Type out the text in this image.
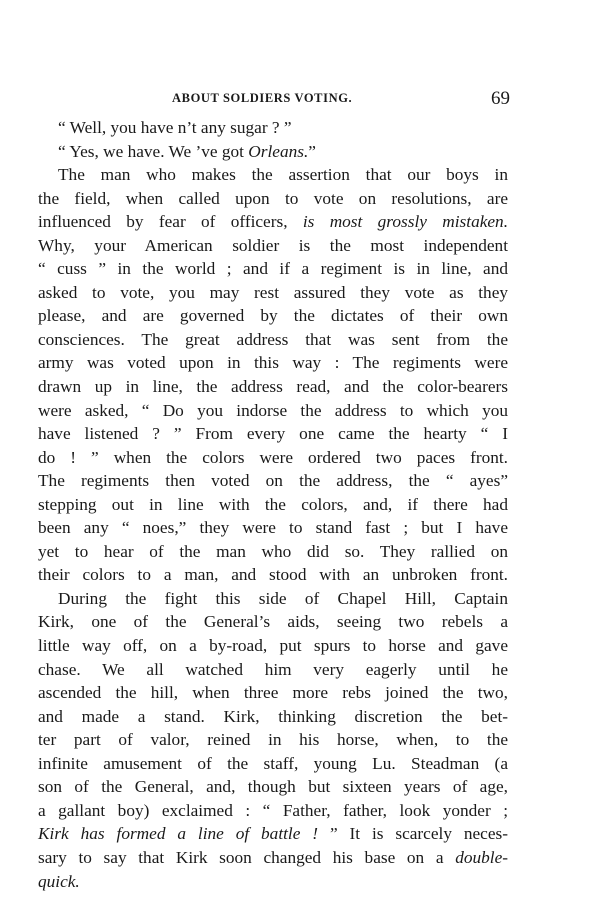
ABOUT SOLDIERS VOTING.	69
“ Well, you have n’t any sugar ? ”
“ Yes, we have. We ’ve got Orleans.”
The man who makes the assertion that our boys in
the field, when called upon to vote on resolutions, are
influenced by fear of officers, is most grossly mistaken.
Why, your American soldier is the most independent
“ cuss ” in the world ; and if a regiment is in line, and
asked to vote, you may rest assured they vote as they
please, and are governed by the dictates of their own
consciences. The great address that was sent from the
army was voted upon in this way : The regiments were
drawn up in line, the address read, and the color-bearers
were asked, “ Do you indorse the address to which you
have listened ? ” From every one came the hearty “ I
do ! ” when the colors were ordered two paces front.
The regiments then voted on the address, the “ ayes”
stepping out in line with the colors, and, if there had
been any “ noes,” they were to stand fast ; but I have
yet to hear of the man who did so. They rallied on
their colors to a man, and stood with an unbroken front.
During the fight this side of Chapel Hill, Captain
Kirk, one of the General’s aids, seeing two rebels a
little way off, on a by-road, put spurs to horse and gave
chase. We all watched him very eagerly until he
ascended the hill, when three more rebs joined the two,
and made a stand. Kirk, thinking discretion the bet-
ter part of valor, reined in his horse, when, to the
infinite amusement of the staff, young Lu. Steadman (a
son of the General, and, though but sixteen years of age,
a gallant boy) exclaimed : “ Father, father, look yonder ;
Kirk has formed a line of battle ! ” It is scarcely neces-
sary to say that Kirk soon changed his base on a double-
quick.
